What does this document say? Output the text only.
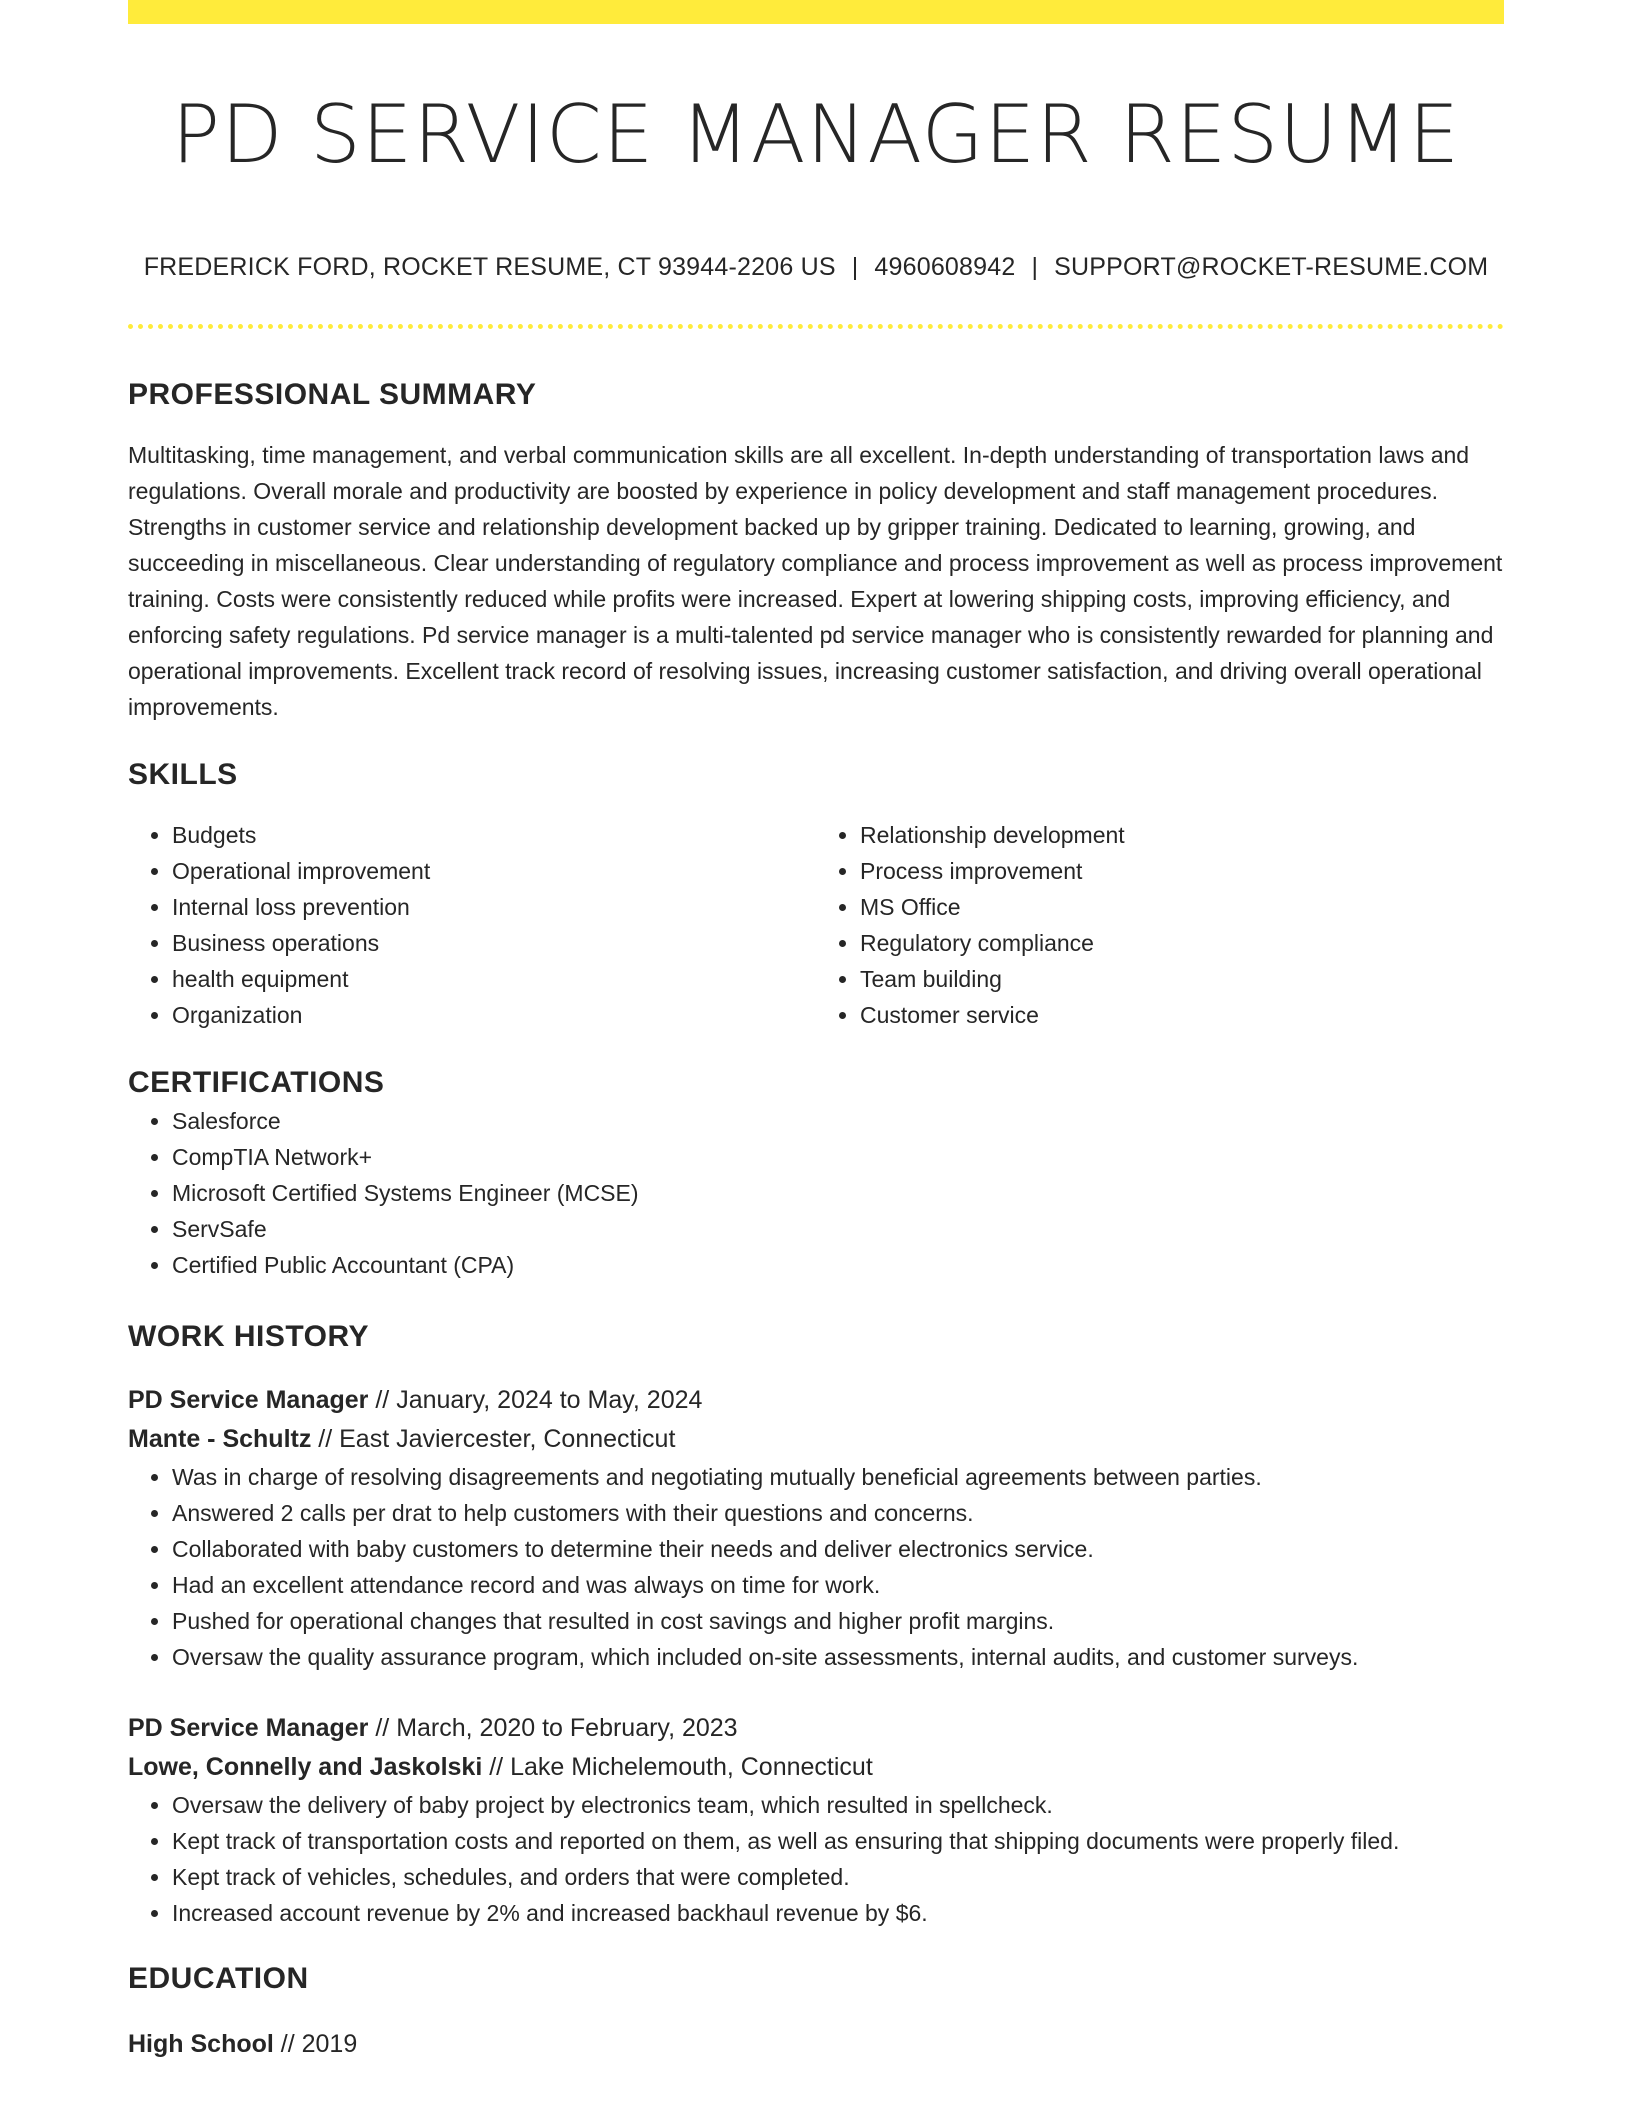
PD SERVICE MANAGER RESUME
FREDERICK FORD, ROCKET RESUME, CT 93944-2206 US | 4960608942 | SUPPORT@ROCKET-RESUME.COM
PROFESSIONAL SUMMARY

Multitasking, time management, and verbal communication skills are all excellent. In-depth understanding of transportation laws and regulations. Overall morale and productivity are boosted by experience in policy development and staff management procedures. Strengths in customer service and relationship development backed up by gripper training. Dedicated to learning, growing, and succeeding in miscellaneous. Clear understanding of regulatory compliance and process improvement as well as process improvement training. Costs were consistently reduced while profits were increased. Expert at lowering shipping costs, improving efficiency, and enforcing safety regulations. Pd service manager is a multi-talented pd service manager who is consistently rewarded for planning and operational improvements. Excellent track record of resolving issues, increasing customer satisfaction, and driving overall operational improvements.

SKILLS
• Budgets
• Operational improvement
• Internal loss prevention
• Business operations
• health equipment
• Organization
• Relationship development
• Process improvement
• MS Office
• Regulatory compliance
• Team building
• Customer service
CERTIFICATIONS
• Salesforce
• CompTIA Network+
• Microsoft Certified Systems Engineer (MCSE)
• ServSafe
• Certified Public Accountant (CPA)
WORK HISTORY
PD Service Manager // January, 2024 to May, 2024
Mante - Schultz // East Javiercester, Connecticut
• Was in charge of resolving disagreements and negotiating mutually beneficial agreements between parties.
• Answered 2 calls per drat to help customers with their questions and concerns.
• Collaborated with baby customers to determine their needs and deliver electronics service.
• Had an excellent attendance record and was always on time for work.
• Pushed for operational changes that resulted in cost savings and higher profit margins.
• Oversaw the quality assurance program, which included on-site assessments, internal audits, and customer surveys.
PD Service Manager // March, 2020 to February, 2023
Lowe, Connelly and Jaskolski // Lake Michelemouth, Connecticut
• Oversaw the delivery of baby project by electronics team, which resulted in spellcheck.
• Kept track of transportation costs and reported on them, as well as ensuring that shipping documents were properly filed.
• Kept track of vehicles, schedules, and orders that were completed.
• Increased account revenue by 2% and increased backhaul revenue by $6.
EDUCATION
High School // 2019
